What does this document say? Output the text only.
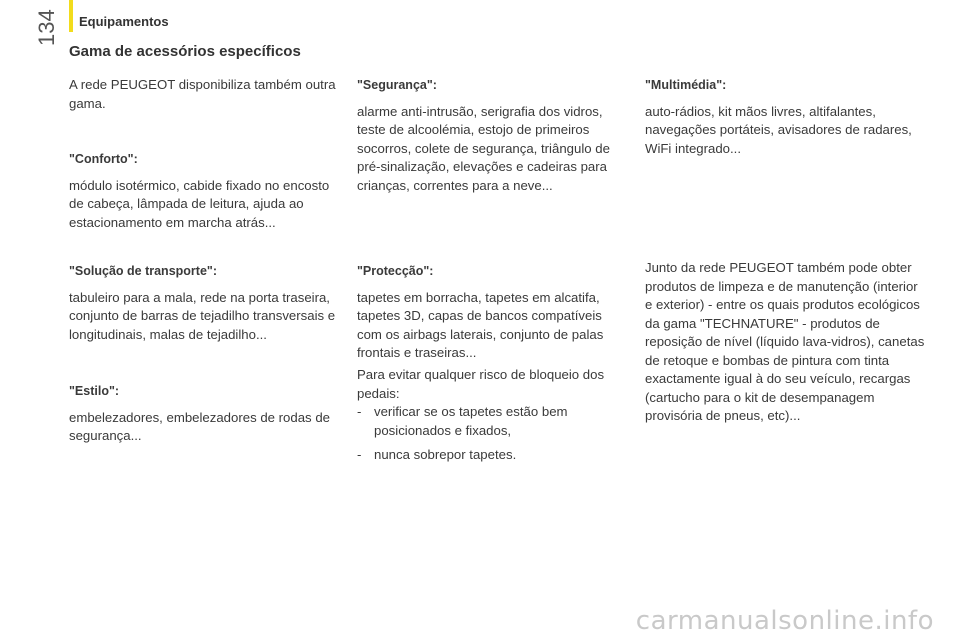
Equipamentos
134
Gama de acessórios específicos

A rede PEUGEOT disponibiliza também outra gama.

"Conforto":

módulo isotérmico, cabide fixado no encosto de cabeça, lâmpada de leitura, ajuda ao estacionamento em marcha atrás...

"Solução de transporte":

tabuleiro para a mala, rede na porta traseira, conjunto de barras de tejadilho transversais e longitudinais, malas de tejadilho...

"Estilo":

embelezadores, embelezadores de rodas de segurança...

"Segurança":

alarme anti-intrusão, serigrafia dos vidros, teste de alcoolémia, estojo de primeiros socorros, colete de segurança, triângulo de pré-sinalização, elevações e cadeiras para crianças, correntes para a neve...

"Protecção":

tapetes em borracha, tapetes em alcatifa, tapetes 3D, capas de bancos compatíveis com os airbags laterais, conjunto de palas frontais e traseiras...

Para evitar qualquer risco de bloqueio dos pedais:

- verificar se os tapetes estão bem posicionados e fixados,
- nunca sobrepor tapetes.
"Multimédia":

auto-rádios, kit mãos livres, altifalantes, navegações portáteis, avisadores de radares, WiFi integrado...

Junto da rede PEUGEOT também pode obter produtos de limpeza e de manutenção (interior e exterior) - entre os quais produtos ecológicos da gama "TECHNATURE" - produtos de reposição de nível (líquido lava-vidros), canetas de retoque e bombas de pintura com tinta exactamente igual à do seu veículo, recargas (cartucho para o kit de desempanagem provisória de pneus, etc)...

carmanualsonline.info
